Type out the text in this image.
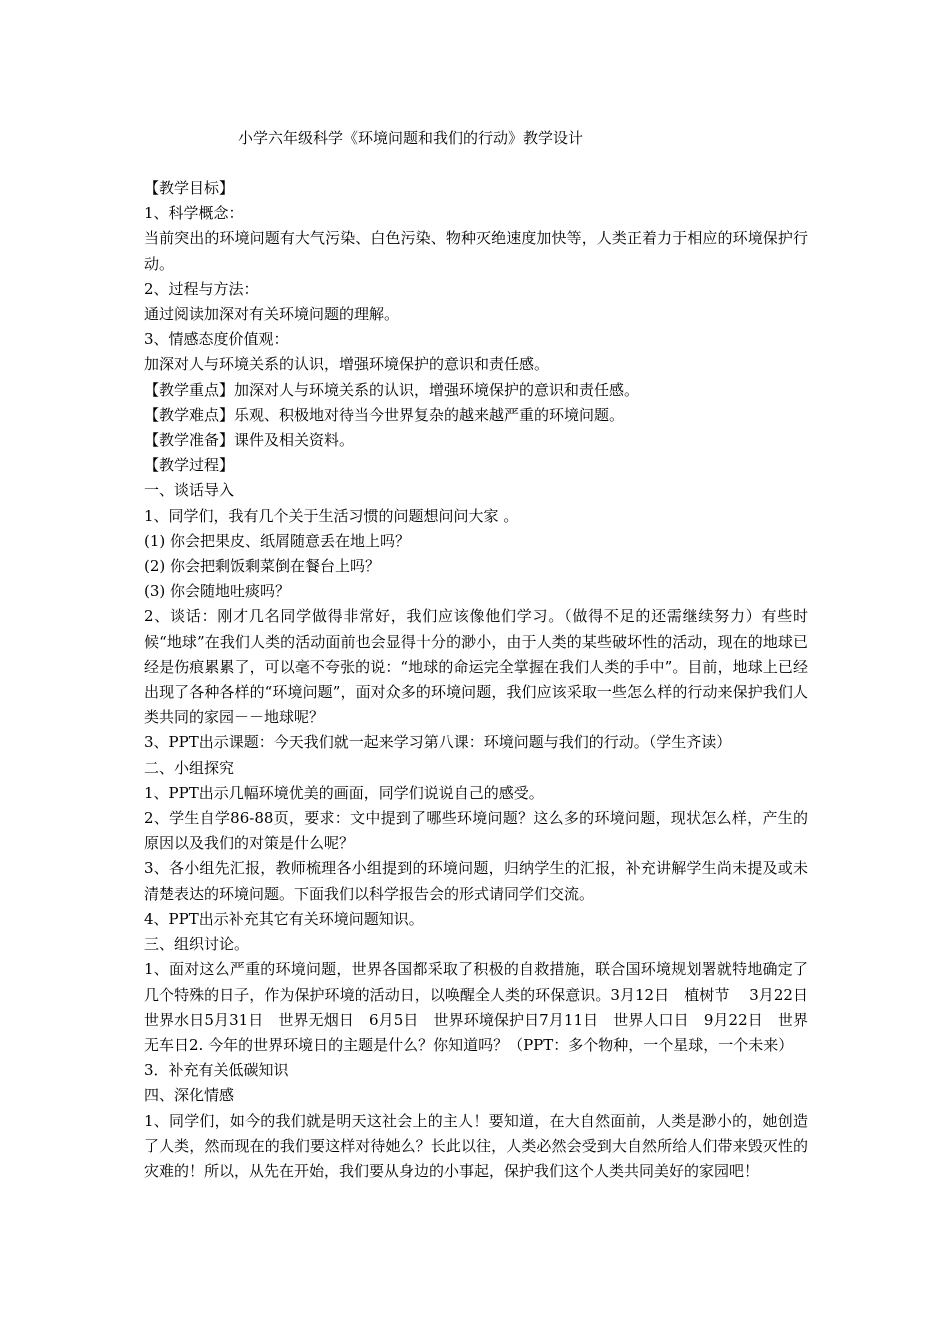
小学六年级科学《环境问题和我们的行动》教学设计

【教学目标】

1、科学概念：

当前突出的环境问题有大气污染、白色污染、物种灭绝速度加快等，人类正着力于相应的环境保护行动。

2、过程与方法：

通过阅读加深对有关环境问题的理解。

3、情感态度价值观：

加深对人与环境关系的认识，增强环境保护的意识和责任感。

【教学重点】加深对人与环境关系的认识，增强环境保护的意识和责任感。

【教学难点】乐观、积极地对待当今世界复杂的越来越严重的环境问题。

【教学准备】课件及相关资料。

【教学过程】

一、谈话导入

1、同学们，我有几个关于生活习惯的问题想问问大家 。

(1) 你会把果皮、纸屑随意丢在地上吗？

(2) 你会把剩饭剩菜倒在餐台上吗？

(3) 你会随地吐痰吗？

2、谈话：刚才几名同学做得非常好，我们应该像他们学习。（做得不足的还需继续努力）有些时候“地球”在我们人类的活动面前也会显得十分的渺小，由于人类的某些破坏性的活动，现在的地球已经是伤痕累累了，可以毫不夸张的说：“地球的命运完全掌握在我们人类的手中”。目前，地球上已经出现了各种各样的“环境问题”，面对众多的环境问题，我们应该采取一些怎么样的行动来保护我们人类共同的家园－－地球呢？

3、PPT出示课题：今天我们就一起来学习第八课：环境问题与我们的行动。（学生齐读）

二、小组探究

1、PPT出示几幅环境优美的画面，同学们说说自己的感受。

2、学生自学86-88页，要求：文中提到了哪些环境问题？这么多的环境问题，现状怎么样，产生的原因以及我们的对策是什么呢？

3、各小组先汇报，教师梳理各小组提到的环境问题，归纳学生的汇报，补充讲解学生尚未提及或未清楚表达的环境问题。下面我们以科学报告会的形式请同学们交流。

4、PPT出示补充其它有关环境问题知识。

三、组织讨论。

1、面对这么严重的环境问题，世界各国都采取了积极的自救措施，联合国环境规划署就特地确定了几个特殊的日子，作为保护环境的活动日，以唤醒全人类的环保意识。3月12日　植树节　 3月22日　世界水日5月31日　世界无烟日　6月5日　世界环境保护日7月11日　世界人口日　9月22日　世界无车日2. 今年的世界环境日的主题是什么？你知道吗？（PPT：多个物种，一个星球，一个未来）

3．补充有关低碳知识

四、深化情感

1、同学们，如今的我们就是明天这社会上的主人！要知道，在大自然面前，人类是渺小的，她创造了人类，然而现在的我们要这样对待她么？长此以往，人类必然会受到大自然所给人们带来毁灭性的灾难的！所以，从先在开始，我们要从身边的小事起，保护我们这个人类共同美好的家园吧！
